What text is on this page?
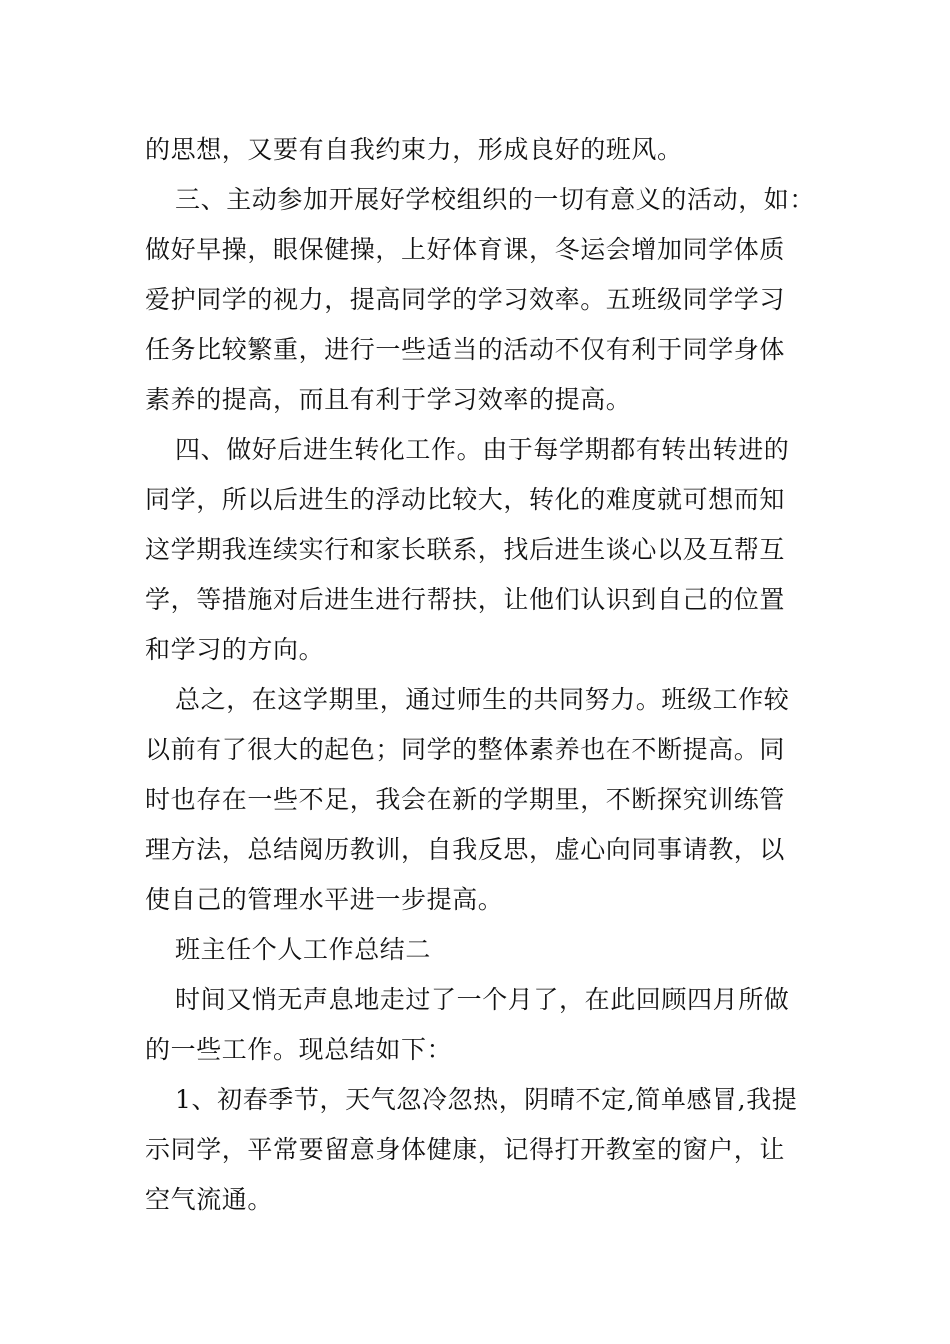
的思想，又要有自我约束力，形成良好的班风。
三、主动参加开展好学校组织的一切有意义的活动，如：
做好早操，眼保健操，上好体育课，冬运会增加同学体质
爱护同学的视力，提高同学的学习效率。五班级同学学习
任务比较繁重，进行一些适当的活动不仅有利于同学身体
素养的提高，而且有利于学习效率的提高。
四、做好后进生转化工作。由于每学期都有转出转进的
同学，所以后进生的浮动比较大，转化的难度就可想而知
这学期我连续实行和家长联系，找后进生谈心以及互帮互
学，等措施对后进生进行帮扶，让他们认识到自己的位置
和学习的方向。
总之，在这学期里，通过师生的共同努力。班级工作较
以前有了很大的起色；同学的整体素养也在不断提高。同
时也存在一些不足，我会在新的学期里，不断探究训练管
理方法，总结阅历教训，自我反思，虚心向同事请教，以
使自己的管理水平进一步提高。
班主任个人工作总结二
时间又悄无声息地走过了一个月了，在此回顾四月所做
的一些工作。现总结如下：
1、初春季节，天气忽冷忽热，阴晴不定,简单感冒,我提
示同学，平常要留意身体健康，记得打开教室的窗户，让
空气流通。
